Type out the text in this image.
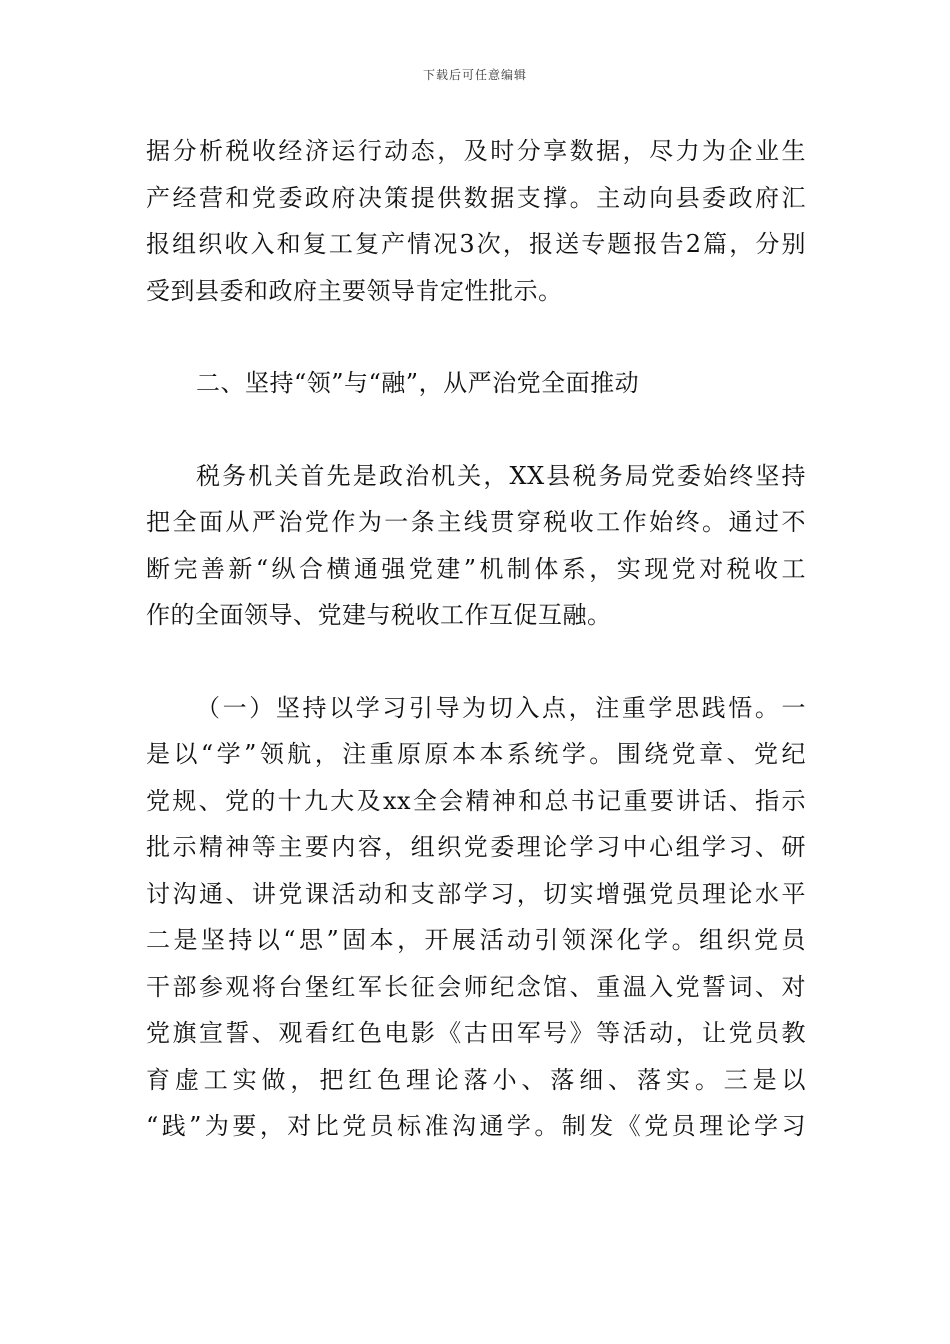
下载后可任意编辑
据分析税收经济运行动态，及时分享数据，尽力为企业生
产经营和党委政府决策提供数据支撑。主动向县委政府汇
报组织收入和复工复产情况3次，报送专题报告2篇，分别
受到县委和政府主要领导肯定性批示。
二、坚持“领”与“融”，从严治党全面推动
税务机关首先是政治机关，XX县税务局党委始终坚持
把全面从严治党作为一条主线贯穿税收工作始终。通过不
断完善新“纵合横通强党建”机制体系，实现党对税收工
作的全面领导、党建与税收工作互促互融。
（一）坚持以学习引导为切入点，注重学思践悟。一
是以“学”领航，注重原原本本系统学。围绕党章、党纪
党规、党的十九大及xx全会精神和总书记重要讲话、指示
批示精神等主要内容，组织党委理论学习中心组学习、研
讨沟通、讲党课活动和支部学习，切实增强党员理论水平
二是坚持以“思”固本，开展活动引领深化学。组织党员
干部参观将台堡红军长征会师纪念馆、重温入党誓词、对
党旗宣誓、观看红色电影《古田军号》等活动，让党员教
育虚工实做，把红色理论落小、落细、落实。三是以
“践”为要，对比党员标准沟通学。制发《党员理论学习
